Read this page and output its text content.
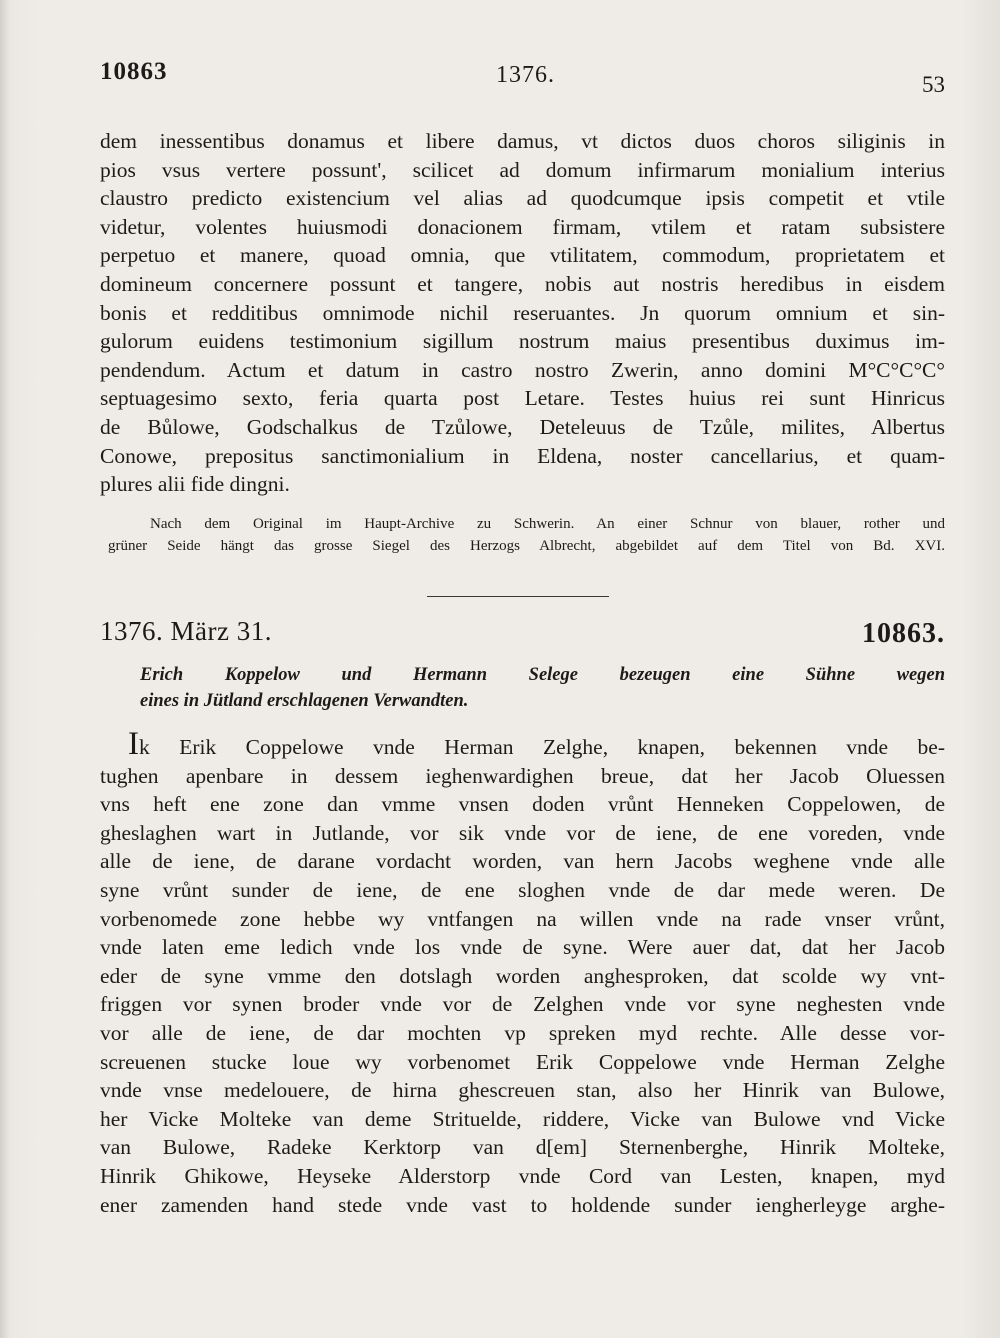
10863	1376.	53
dem inessentibus donamus et libere damus, vt dictos duos choros siliginis in
pios vsus vertere possunt', scilicet ad domum infirmarum monialium interius
claustro predicto existencium vel alias ad quodcumque ipsis competit et vtile
videtur, volentes huiusmodi donacionem firmam, vtilem et ratam subsistere
perpetuo et manere, quoad omnia, que vtilitatem, commodum, proprietatem et
domineum concernere possunt et tangere, nobis aut nostris heredibus in eisdem
bonis et redditibus omnimode nichil reseruantes. Jn quorum omnium et sin-
gulorum euidens testimonium sigillum nostrum maius presentibus duximus im-
pendendum. Actum et datum in castro nostro Zwerin, anno domini M°C°C°C°
septuagesimo sexto, feria quarta post Letare. Testes huius rei sunt Hinricus
de Bůlowe, Godschalkus de Tzůlowe, Deteleuus de Tzůle, milites, Albertus
Conowe, prepositus sanctimonialium in Eldena, noster cancellarius, et quam-
plures alii fide dingni.
Nach dem Original im Haupt-Archive zu Schwerin. An einer Schnur von blauer, rother und
grüner Seide hängt das grosse Siegel des Herzogs Albrecht, abgebildet auf dem Titel von Bd. XVI.
1376. März 31.	10863.
Erich Koppelow und Hermann Selege bezeugen eine Sühne wegen
eines in Jütland erschlagenen Verwandten.
Ik Erik Coppelowe vnde Herman Zelghe, knapen, bekennen vnde be-
tughen apenbare in dessem ieghenwardighen breue, dat her Jacob Oluessen
vns heft ene zone dan vmme vnsen doden vrůnt Henneken Coppelowen, de
gheslaghen wart in Jutlande, vor sik vnde vor de iene, de ene voreden, vnde
alle de iene, de darane vordacht worden, van hern Jacobs weghene vnde alle
syne vrůnt sunder de iene, de ene sloghen vnde de dar mede weren. De
vorbenomede zone hebbe wy vntfangen na willen vnde na rade vnser vrůnt,
vnde laten eme ledich vnde los vnde de syne. Were auer dat, dat her Jacob
eder de syne vmme den dotslagh worden anghesproken, dat scolde wy vnt-
friggen vor synen broder vnde vor de Zelghen vnde vor syne neghesten vnde
vor alle de iene, de dar mochten vp spreken myd rechte. Alle desse vor-
screuenen stucke loue wy vorbenomet Erik Coppelowe vnde Herman Zelghe
vnde vnse medelouere, de hirna ghescreuen stan, also her Hinrik van Bulowe,
her Vicke Molteke van deme Strituelde, riddere, Vicke van Bulowe vnd Vicke
van Bulowe, Radeke Kerktorp van d[em] Sternenberghe, Hinrik Molteke,
Hinrik Ghikowe, Heyseke Alderstorp vnde Cord van Lesten, knapen, myd
ener zamenden hand stede vnde vast to holdende sunder iengherleyge arghe-
